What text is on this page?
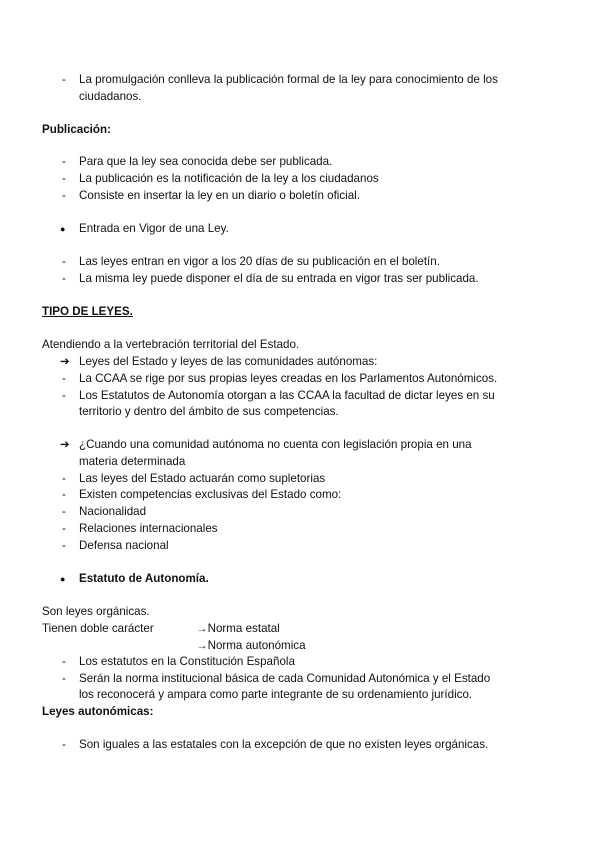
- La promulgación conlleva la publicación formal de la ley para conocimiento de los
ciudadanos.
Publicación:
- Para que la ley sea conocida debe ser publicada.
- La publicación es la notificación de la ley a los ciudadanos
- Consiste en insertar la ley en un diario o boletín oficial.
● Entrada en Vigor de una Ley.
- Las leyes entran en vigor a los 20 días de su publicación en el boletín.
- La misma ley puede disponer el día de su entrada en vigor tras ser publicada.
TIPO DE LEYES.
Atendiendo a la vertebración territorial del Estado.
➔ Leyes del Estado y leyes de las comunidades autónomas:
- La CCAA se rige por sus propias leyes creadas en los Parlamentos Autonómicos.
- Los Estatutos de Autonomía otorgan a las CCAA la facultad de dictar leyes en su
territorio y dentro del ámbito de sus competencias.
➔ ¿Cuando una comunidad autónoma no cuenta con legislación propia en una
materia determinada
- Las leyes del Estado actuarán como supletorias
- Existen competencias exclusivas del Estado como:
- Nacionalidad
- Relaciones internacionales
- Defensa nacional
● Estatuto de Autonomía.
Son leyes orgánicas.
Tienen doble carácter	→Norma estatal
→Norma autonómica
- Los estatutos en la Constitución Española
- Serán la norma institucional básica de cada Comunidad Autonómica y el Estado
los reconocerá y ampara como parte integrante de su ordenamiento jurídico.
Leyes autonómicas:
- Son iguales a las estatales con la excepción de que no existen leyes orgánicas.
